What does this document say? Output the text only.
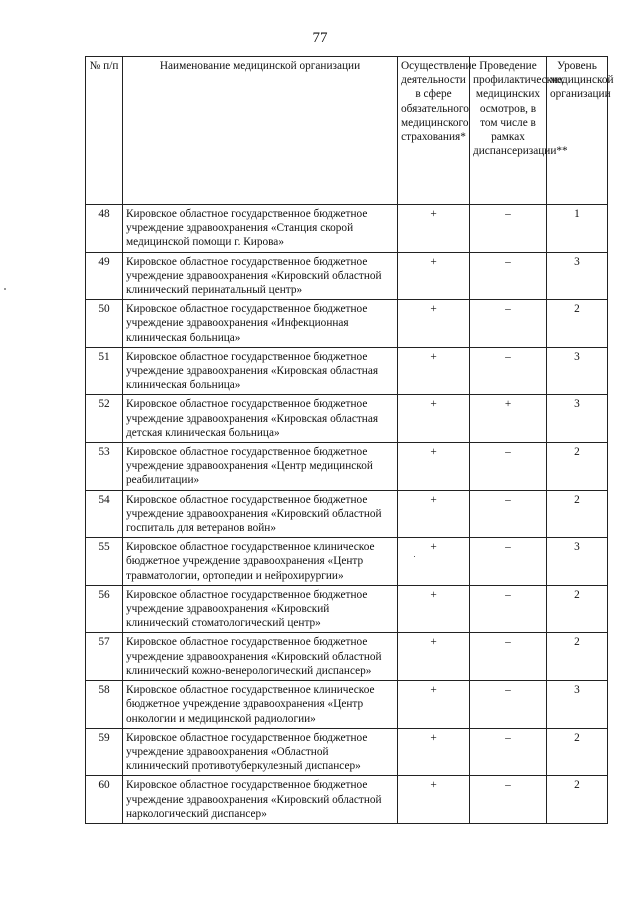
77
№ п/п	Наименование медицинской организации	Осуществление деятельности в сфере обязательного медицинского страхования*	Проведение профилактических медицинских осмотров, в том числе в рамках диспансеризации**	Уровень медицинской организации
48	Кировское областное государственное бюджетное учреждение здравоохранения «Станция скорой медицинской помощи г. Кирова»	+	–	1
49	Кировское областное государственное бюджетное учреждение здравоохранения «Кировский областной клинический перинатальный центр»	+	–	3
50	Кировское областное государственное бюджетное учреждение здравоохранения «Инфекционная клиническая больница»	+	–	2
51	Кировское областное государственное бюджетное учреждение здравоохранения «Кировская областная клиническая больница»	+	–	3
52	Кировское областное государственное бюджетное учреждение здравоохранения «Кировская областная детская клиническая больница»	+	+	3
53	Кировское областное государственное бюджетное учреждение здравоохранения «Центр медицинской реабилитации»	+	–	2
54	Кировское областное государственное бюджетное учреждение здравоохранения «Кировский областной госпиталь для ветеранов войн»	+	–	2
55	Кировское областное государственное клиническое бюджетное учреждение здравоохранения «Центр травматологии, ортопедии и нейрохирургии»	+	–	3
56	Кировское областное государственное бюджетное учреждение здравоохранения «Кировский клинический стоматологический центр»	+	–	2
57	Кировское областное государственное бюджетное учреждение здравоохранения «Кировский областной клинический кожно-венерологический диспансер»	+	–	2
58	Кировское областное государственное клиническое бюджетное учреждение здравоохранения «Центр онкологии и медицинской радиологии»	+	–	3
59	Кировское областное государственное бюджетное учреждение здравоохранения «Областной клинический противотуберкулезный диспансер»	+	–	2
60	Кировское областное государственное бюджетное учреждение здравоохранения «Кировский областной наркологический диспансер»	+	–	2
